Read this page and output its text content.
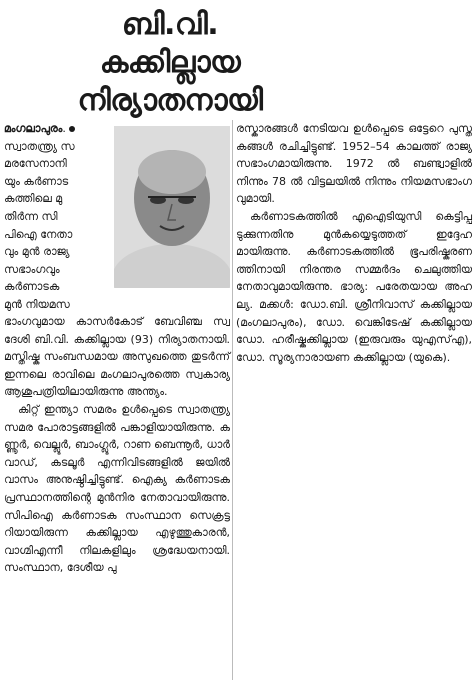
ബി.വി.
കക്കില്ലായ
നിര്യാതനായി
മംഗലാപുരം.
സ്വാതന്ത്ര്യ സ
മരസേനാനി
യും കർണാട
കത്തിലെ മു
തിർന്ന സി
പിഐ നേതാ
വും മുൻ രാജ്യ
സഭാംഗവും
കർണാടക
മുൻ നിയമസ

ഭാംഗവുമായ കാസർകോട് ബേവിഞ്ച സ്വദേശി ബി.വി. കക്കില്ലായ (93) നിര്യാതനായി. മസ്തിഷ്ക സംബന്ധമായ അസുഖത്തെ തുടർന്ന് ഇന്നലെ രാവിലെ മംഗലാപുരത്തെ സ്വകാര്യ ആശുപത്രിയിലായിരുന്നു അന്ത്യം.

കിറ്റ് ഇന്ത്യാ സമരം ഉൾപ്പെടെ സ്വാതന്ത്ര്യസമര പോരാട്ടങ്ങളിൽ പങ്കാളിയായിരുന്നു. കണ്ണൂർ, വെല്ലൂർ, ബാംഗ്ലൂർ, റാണ ബെന്നൂർ, ധാർവാഡ്, കടലൂർ എന്നിവിടങ്ങളിൽ ജയിൽവാസം അനുഷ്ഠിച്ചിട്ടുണ്ട്. ഐക്യ കർണാടക പ്രസ്ഥാനത്തിന്റെ മുൻനിര നേതാവായിരുന്നു. സിപിഐ കർണാടക സംസ്ഥാന സെക്രട്ടറിയായിരുന്ന കക്കില്ലായ എഴുത്തുകാരൻ, വാഗ്മിഎന്നീ നിലകളിലും ശ്രദ്ധേയനായി. സംസ്ഥാന, ദേശീയ പു

രസ്കാരങ്ങൾ നേടിയവ ഉൾപ്പെടെ ഒട്ടേറെ പുസ്തകങ്ങൾ രചിച്ചിട്ടുണ്ട്. 1952–54 കാലത്ത് രാജ്യസഭാംഗമായിരുന്നു. 1972 ൽ ബണ്ട്വാളിൽ നിന്നും 78 ൽ വിട്ടലയിൽ നിന്നും നിയമസഭാംഗവുമായി.

കർണാടകത്തിൽ എഐടിയുസി കെട്ടിപ്പടുക്കുന്നതിനു മുൻകയ്യെടുത്തത് ഇദ്ദേഹമായിരുന്നു. കർണാടകത്തിൽ ഭൂപരിഷ്കരണത്തിനായി നിരന്തര സമ്മർദം ചെലുത്തിയ നേതാവുമായിരുന്നു. ഭാര്യ: പരേതയായ അഹല്യ. മക്കൾ: ഡോ.ബി. ശ്രീനിവാസ് കക്കില്ലായ (മംഗലാപുരം), ഡോ. വെങ്കിടേഷ് കക്കില്ലായ ഡോ. ഹരീഷ്കക്കില്ലായ (ഇരുവരും യുഎസ്എ), ഡോ. സൂര്യനാരായണ കക്കില്ലായ (യുകെ).
